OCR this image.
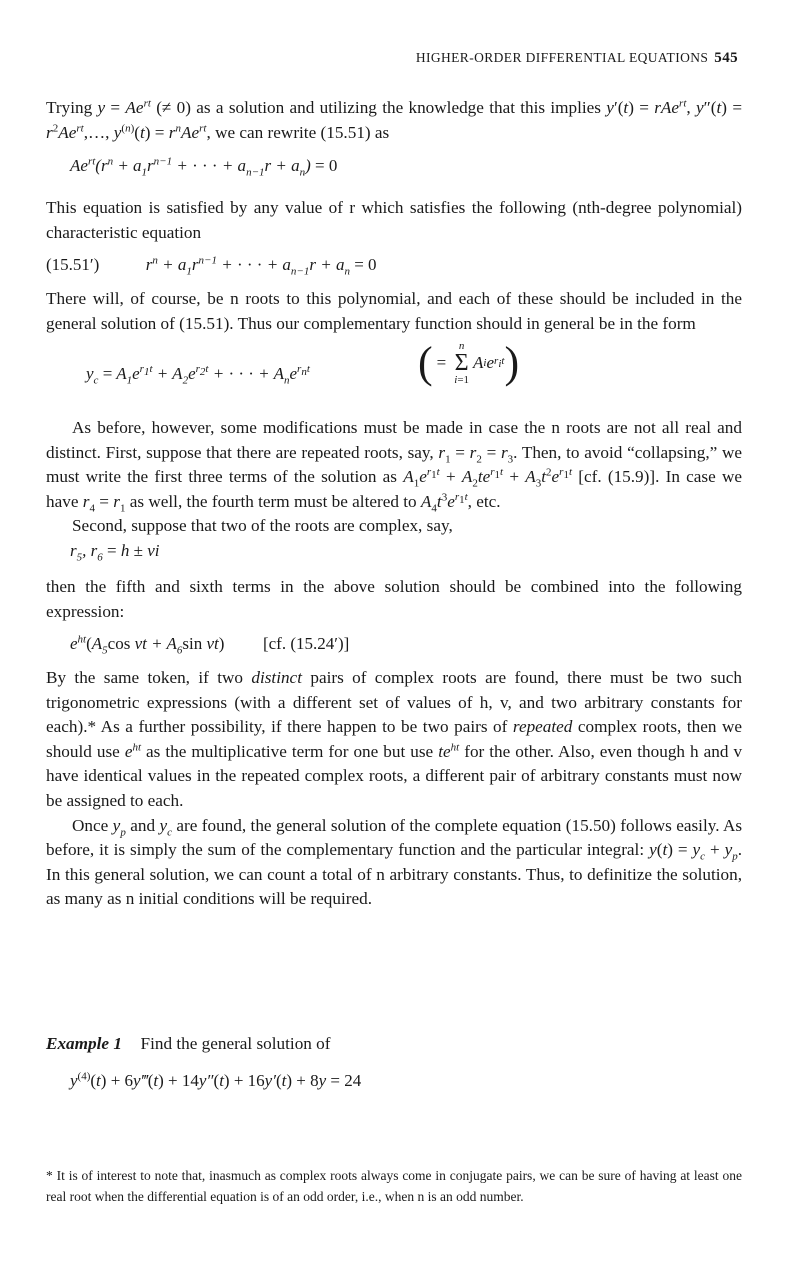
HIGHER-ORDER DIFFERENTIAL EQUATIONS 545

Trying $y = Ae^{rt}$ (≠ 0) as a solution and utilizing the knowledge that this implies y′(t) = rAe$^{rt}$, $y''(t) = r^2Ae^{rt},\dots$, $y^{(n)}(t) = r^nAe^{rt}$, we can rewrite (15.51) as

$Ae^{rt}(r^n + a_1r^{n-1}$ + · · · + $a_{n-1}r + a_n) = 0$

This equation is satisfied by any value of r which satisfies the following (nth-degree polynomial) characteristic equation

(15.51′)  $r^n + a_1r^{n-1}$ + · · · + $a_{n-1}r + a_n = 0$

There will, of course, be n roots to this polynomial, and each of these should be included in the general solution of (15.51). Thus our complementary function should in general be in the form

$y_c = A_1e^{r_1t} + A_2e^{r_2t}$ + · · · + $A_ne^{r_nt}$ ( =
n
Σ
i=1
A i e $r_it$ )

As before, however, some modifications must be made in case the n roots are not all real and distinct. First, suppose that there are repeated roots, say, $r_1 = r_2 = r_3$. Then, to avoid “collapsing,” we must write the first three terms of the solution as $A_1e^{r_1t} + A_2te^{r_1t} + A_3t^2e^{r_1t}$ [cf. (15.9)]. In case we have $r_4 = r_1$ as well, the fourth term must be altered to $A_4t^3e^{r_1t}$, etc.

Second, suppose that two of the roots are complex, say,

$r_5$, $r_6 = h$ ± vi

then the fifth and sixth terms in the above solution should be combined into the following expression:

$e^{ht}(A_5\cos$ vt + $A_6\sin$ vt) [cf. (15.24′)]

By the same token, if two distinct pairs of complex roots are found, there must be two such trigonometric expressions (with a different set of values of h, v, and two arbitrary constants for each).* As a further possibility, if there happen to be two pairs of repeated complex roots, then we should use $e^{ht}$ as the multiplicative term for one but use $te^{ht}$ for the other. Also, even though h and v have identical values in the repeated complex roots, a different pair of arbitrary constants must now be assigned to each.

Once $y_p$ and $y_c$ are found, the general solution of the complete equation (15.50) follows easily. As before, it is simply the sum of the complementary function and the particular integral: $y(t) = y_c + y_p$. In this general solution, we can count a total of n arbitrary constants. Thus, to definitize the solution, as many as n initial conditions will be required.

Example 1 Find the general solution of

$y^{(4)}(t)$ + 6y‴(t) + 14y″(t) + 16y′(t) + 8y = 24
* It is of interest to note that, inasmuch as complex roots always come in conjugate pairs, we can be sure of having at least one real root when the differential equation is of an odd order, i.e., when n is an odd number.
